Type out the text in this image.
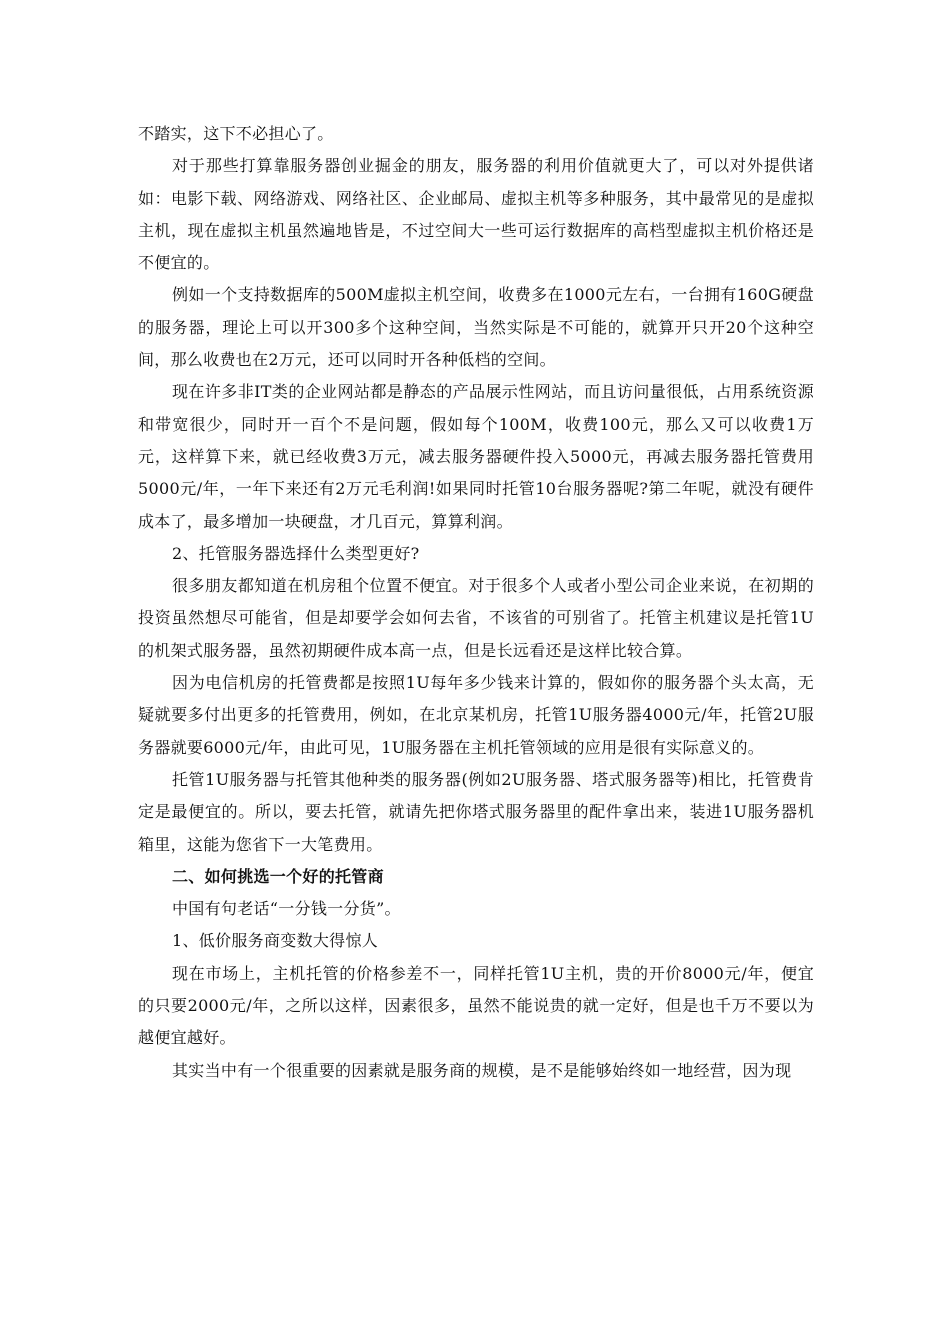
不踏实，这下不必担心了。

对于那些打算靠服务器创业掘金的朋友，服务器的利用价值就更大了，可以对外提供诸如：电影下载、网络游戏、网络社区、企业邮局、虚拟主机等多种服务，其中最常见的是虚拟主机，现在虚拟主机虽然遍地皆是，不过空间大一些可运行数据库的高档型虚拟主机价格还是不便宜的。

例如一个支持数据库的500M虚拟主机空间，收费多在1000元左右，一台拥有160G硬盘的服务器，理论上可以开300多个这种空间，当然实际是不可能的，就算开只开20个这种空间，那么收费也在2万元，还可以同时开各种低档的空间。

现在许多非IT类的企业网站都是静态的产品展示性网站，而且访问量很低，占用系统资源和带宽很少，同时开一百个不是问题，假如每个100M，收费100元，那么又可以收费1万元，这样算下来，就已经收费3万元，减去服务器硬件投入5000元，再减去服务器托管费用5000元/年，一年下来还有2万元毛利润!如果同时托管10台服务器呢?第二年呢，就没有硬件成本了，最多增加一块硬盘，才几百元，算算利润。

2、托管服务器选择什么类型更好?

很多朋友都知道在机房租个位置不便宜。对于很多个人或者小型公司企业来说，在初期的投资虽然想尽可能省，但是却要学会如何去省，不该省的可别省了。托管主机建议是托管1U的机架式服务器，虽然初期硬件成本高一点，但是长远看还是这样比较合算。

因为电信机房的托管费都是按照1U每年多少钱来计算的，假如你的服务器个头太高，无疑就要多付出更多的托管费用，例如，在北京某机房，托管1U服务器4000元/年，托管2U服务器就要6000元/年，由此可见，1U服务器在主机托管领域的应用是很有实际意义的。

托管1U服务器与托管其他种类的服务器(例如2U服务器、塔式服务器等)相比，托管费肯定是最便宜的。所以，要去托管，就请先把你塔式服务器里的配件拿出来，装进1U服务器机箱里，这能为您省下一大笔费用。

二、如何挑选一个好的托管商

中国有句老话“一分钱一分货”。

1、低价服务商变数大得惊人

现在市场上，主机托管的价格参差不一，同样托管1U主机，贵的开价8000元/年，便宜的只要2000元/年，之所以这样，因素很多，虽然不能说贵的就一定好，但是也千万不要以为越便宜越好。

其实当中有一个很重要的因素就是服务商的规模，是不是能够始终如一地经营，因为现
